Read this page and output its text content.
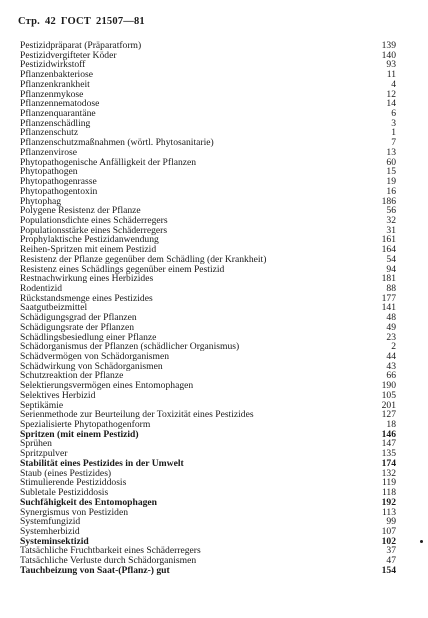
Стр. 42 ГОСТ 21507—81
Pestizidpräparat (Präparatform)	139
Pestizidvergifteter Köder	140
Pestizidwirkstoff	93
Pflanzenbakteriose	11
Pflanzenkrankheit	4
Pflanzenmykose	12
Pflanzennematodose	14
Pflanzenquarantäne	6
Pflanzenschädling	3
Pflanzenschutz	1
Pflanzenschutzmaßnahmen (wörtl. Phytosanitarie)	7
Pflanzenvirose	13
Phytopathogenische Anfälligkeit der Pflanzen	60
Phytopathogen	15
Phytopathogenrasse	19
Phytopathogentoxin	16
Phytophag	186
Polygene Resistenz der Pflanze	56
Populationsdichte eines Schäderregers	32
Populationsstärke eines Schäderregers	31
Prophylaktische Pestizidanwendung	161
Reihen-Spritzen mit einem Pestizid	164
Resistenz der Pflanze gegenüber dem Schädling (der Krankheit)	54
Resistenz eines Schädlings gegenüber einem Pestizid	94
Restnachwirkung eines Herbizides	181
Rodentizid	88
Rückstandsmenge eines Pestizides	177
Saatgutbeizmittel	141
Schädigungsgrad der Pflanzen	48
Schädigungsrate der Pflanzen	49
Schädlingsbesiedlung einer Pflanze	23
Schädorganismus der Pflanzen (schädlicher Organismus)	2
Schädvermögen von Schädorganismen	44
Schädwirkung von Schädorganismen	43
Schutzreaktion der Pflanze	66
Selektierungsvermögen eines Entomophagen	190
Selektives Herbizid	105
Septikämie	201
Serienmethode zur Beurteilung der Toxizität eines Pestizides	127
Spezialisierte Phytopathogenform	18
Spritzen (mit einem Pestizid)	146
Sprühen	147
Spritzpulver	135
Stabilität eines Pestizides in der Umwelt	174
Staub (eines Pestizides)	132
Stimulierende Pestiziddosis	119
Subletale Pestiziddosis	118
Suchfähigkeit des Entomophagen	192
Synergismus von Pestiziden	113
Systemfungizid	99
Systemherbizid	107
Systeminsektizid	102
Tatsächliche Fruchtbarkeit eines Schäderregers	37
Tatsächliche Verluste durch Schädorganismen	47
Tauchbeizung von Saat-(Pflanz-) gut	154
